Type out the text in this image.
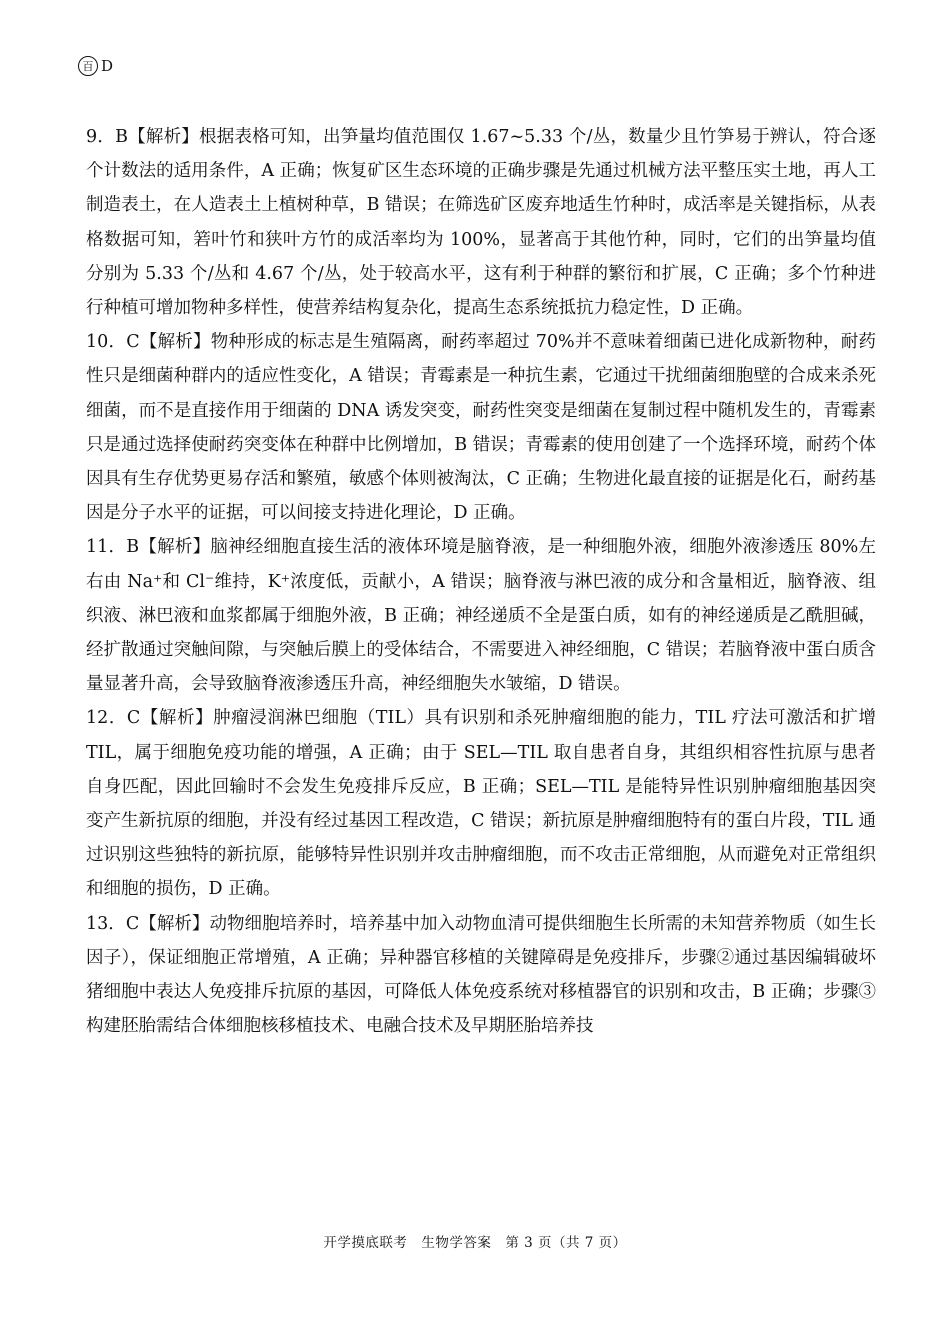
百 D

9．B【解析】根据表格可知，出笋量均值范围仅 1.67~5.33 个/丛，数量少且竹笋易于辨认，符合逐个计数法的适用条件，A 正确；恢复矿区生态环境的正确步骤是先通过机械方法平整压实土地，再人工制造表土，在人造表土上植树种草，B 错误；在筛选矿区废弃地适生竹种时，成活率是关键指标，从表格数据可知，箬叶竹和狭叶方竹的成活率均为 100%，显著高于其他竹种，同时，它们的出笋量均值分别为 5.33 个/丛和 4.67 个/丛，处于较高水平，这有利于种群的繁衍和扩展，C 正确；多个竹种进行种植可增加物种多样性，使营养结构复杂化，提高生态系统抵抗力稳定性，D 正确。

10．C【解析】物种形成的标志是生殖隔离，耐药率超过 70%并不意味着细菌已进化成新物种，耐药性只是细菌种群内的适应性变化，A 错误；青霉素是一种抗生素，它通过干扰细菌细胞壁的合成来杀死细菌，而不是直接作用于细菌的 DNA 诱发突变，耐药性突变是细菌在复制过程中随机发生的，青霉素只是通过选择使耐药突变体在种群中比例增加，B 错误；青霉素的使用创建了一个选择环境，耐药个体因具有生存优势更易存活和繁殖，敏感个体则被淘汰，C 正确；生物进化最直接的证据是化石，耐药基因是分子水平的证据，可以间接支持进化理论，D 正确。

11．B【解析】脑神经细胞直接生活的液体环境是脑脊液，是一种细胞外液，细胞外液渗透压 80%左右由 Na⁺和 Cl⁻维持，K⁺浓度低，贡献小，A 错误；脑脊液与淋巴液的成分和含量相近，脑脊液、组织液、淋巴液和血浆都属于细胞外液，B 正确；神经递质不全是蛋白质，如有的神经递质是乙酰胆碱，经扩散通过突触间隙，与突触后膜上的受体结合，不需要进入神经细胞，C 错误；若脑脊液中蛋白质含量显著升高，会导致脑脊液渗透压升高，神经细胞失水皱缩，D 错误。

12．C【解析】肿瘤浸润淋巴细胞（TIL）具有识别和杀死肿瘤细胞的能力，TIL 疗法可激活和扩增 TIL，属于细胞免疫功能的增强，A 正确；由于 SEL—TIL 取自患者自身，其组织相容性抗原与患者自身匹配，因此回输时不会发生免疫排斥反应，B 正确；SEL—TIL 是能特异性识别肿瘤细胞基因突变产生新抗原的细胞，并没有经过基因工程改造，C 错误；新抗原是肿瘤细胞特有的蛋白片段，TIL 通过识别这些独特的新抗原，能够特异性识别并攻击肿瘤细胞，而不攻击正常细胞，从而避免对正常组织和细胞的损伤，D 正确。

13．C【解析】动物细胞培养时，培养基中加入动物血清可提供细胞生长所需的未知营养物质（如生长因子），保证细胞正常增殖，A 正确；异种器官移植的关键障碍是免疫排斥，步骤②通过基因编辑破坏猪细胞中表达人免疫排斥抗原的基因，可降低人体免疫系统对移植器官的识别和攻击，B 正确；步骤③构建胚胎需结合体细胞核移植技术、电融合技术及早期胚胎培养技

开学摸底联考　生物学答案　第 3 页（共 7 页）
